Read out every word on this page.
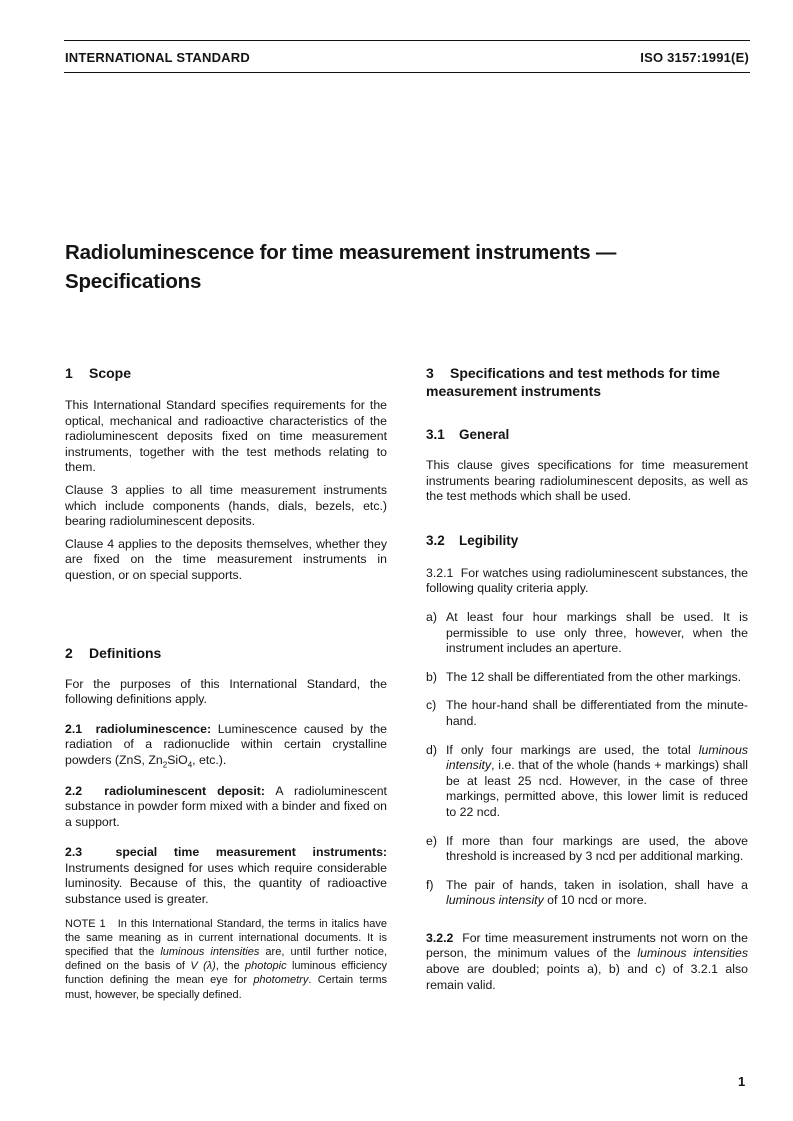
INTERNATIONAL STANDARD	ISO 3157:1991(E)
Radioluminescence for time measurement instruments —
Specifications
1 Scope

This International Standard specifies requirements for the optical, mechanical and radioactive characteristics of the radioluminescent deposits fixed on time measurement instruments, together with the test methods relating to them.

Clause 3 applies to all time measurement instruments which include components (hands, dials, bezels, etc.) bearing radioluminescent deposits.

Clause 4 applies to the deposits themselves, whether they are fixed on the time measurement instruments in question, or on special supports.

2 Definitions

For the purposes of this International Standard, the following definitions apply.

2.1 radioluminescence: Luminescence caused by the radiation of a radionuclide within certain crystalline powders (ZnS, $Zn_2SiO_4$, etc.).

2.2 radioluminescent deposit: A radioluminescent substance in powder form mixed with a binder and fixed on a support.

2.3	special time measurement instruments: Instruments designed for uses which require considerable luminosity. Because of this, the quantity of radioactive substance used is greater.

NOTE 1 In this International Standard, the terms in italics have the same meaning as in current international documents. It is specified that the luminous intensities are, until further notice, defined on the basis of V (λ), the photopic luminous efficiency function defining the mean eye for photometry. Certain terms must, however, be specially defined.

3 Specifications and test methods for time
measurement instruments
3.1 General

This clause gives specifications for time measurement instruments bearing radioluminescent deposits, as well as the test methods which shall be used.

3.2 Legibility

3.2.1 For watches using radioluminescent substances, the following quality criteria apply.

a) At least four hour markings shall be used. It is permissible to use only three, however, when the instrument includes an aperture.
b) The 12 shall be differentiated from the other markings.
c) The hour-hand shall be differentiated from the minute-hand.
d) If only four markings are used, the total luminous intensity, i.e. that of the whole (hands + markings) shall be at least 25 ncd. However, in the case of three markings, permitted above, this lower limit is reduced to 22 ncd.
e) If more than four markings are used, the above threshold is increased by 3 ncd per additional marking.
f) The pair of hands, taken in isolation, shall have a luminous intensity of 10 ncd or more.

3.2.2 For time measurement instruments not worn on the person, the minimum values of the luminous intensities above are doubled; points a), b) and c) of 3.2.1 also remain valid.

1
